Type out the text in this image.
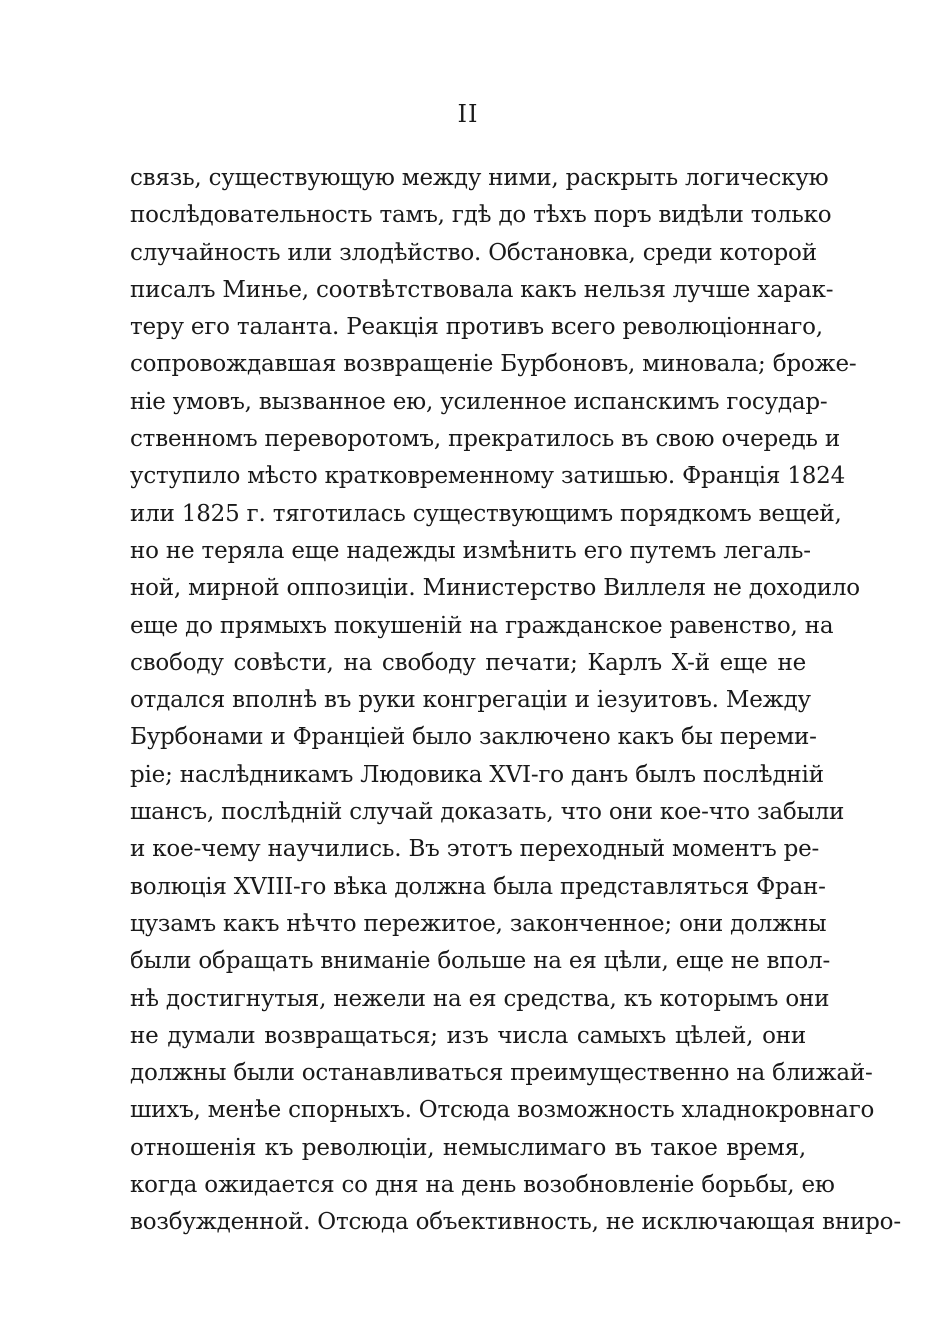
II
связь, существующую между ними, раскрыть логическую
послѣдовательность тамъ, гдѣ до тѣхъ поръ видѣли только
случайность или злодѣйство. Обстановка, среди которой
писалъ Минье, соотвѣтствовала какъ нельзя лучше харак-
теру его таланта. Реакція противъ всего революціоннаго,
сопровождавшая возвращеніе Бурбоновъ, миновала; броже-
ніе умовъ, вызванное ею, усиленное испанскимъ государ-
ственномъ переворотомъ, прекратилось въ свою очередь и
уступило мѣсто кратковременному затишью. Франція 1824
или 1825 г. тяготилась существующимъ порядкомъ вещей,
но не теряла еще надежды измѣнить его путемъ легаль-
ной, мирной оппозиціи. Министерство Виллеля не доходило
еще до прямыхъ покушеній на гражданское равенство, на
свободу совѣсти, на свободу печати; Карлъ X-й еще не
отдался вполнѣ въ руки конгрегаціи и іезуитовъ. Между
Бурбонами и Франціей было заключено какъ бы переми-
ріе; наслѣдникамъ Людовика XVI-го данъ былъ послѣдній
шансъ, послѣдній случай доказать, что они кое-что забыли
и кое-чему научились. Въ этотъ переходный моментъ ре-
волюція XVIII-го вѣка должна была представляться Фран-
цузамъ какъ нѣчто пережитое, законченное; они должны
были обращать вниманіе больше на ея цѣли, еще не впол-
нѣ достигнутыя, нежели на ея средства, къ которымъ они
не думали возвращаться; изъ числа самыхъ цѣлей, они
должны были останавливаться преимущественно на ближай-
шихъ, менѣе спорныхъ. Отсюда возможность хладнокровнаго
отношенія къ революціи, немыслимаго въ такое время,
когда ожидается со дня на день возобновленіе борьбы, ею
возбужденной. Отсюда объективность, не исключающая вниро-
